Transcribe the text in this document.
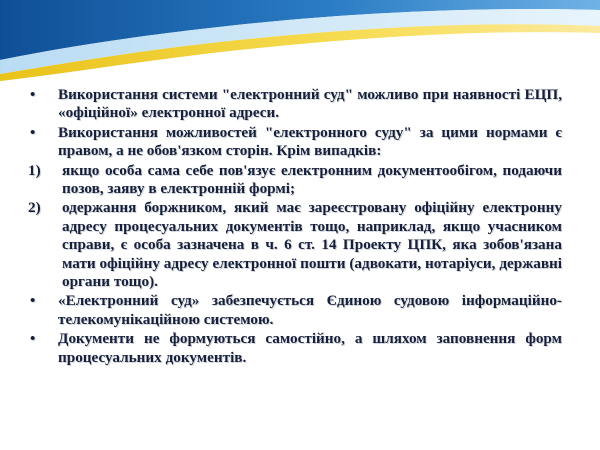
•	Використання системи "електронний суд" можливо при наявності ЕЦП, «офіційної» електронної адреси.
•	Використання можливостей "електронного суду" за цими нормами є правом, а не обов'язком сторін. Крім випадків:
1)	якщо особа сама себе пов'язує електронним документообігом, подаючи позов, заяву в електронній формі;
2)	одержання боржником, який має зареєстровану офіційну електронну адресу процесуальних документів тощо, наприклад, якщо учасником справи, є особа зазначена в ч. 6 ст. 14 Проекту ЦПК, яка зобов'язана мати офіційну адресу електронної пошти (адвокати, нотаріуси, державні органи тощо).
•	«Електронний суд» забезпечується Єдиною судовою інформаційно-телекомунікаційною системою.
•	Документи не формуються самостійно, а шляхом заповнення форм процесуальних документів.
